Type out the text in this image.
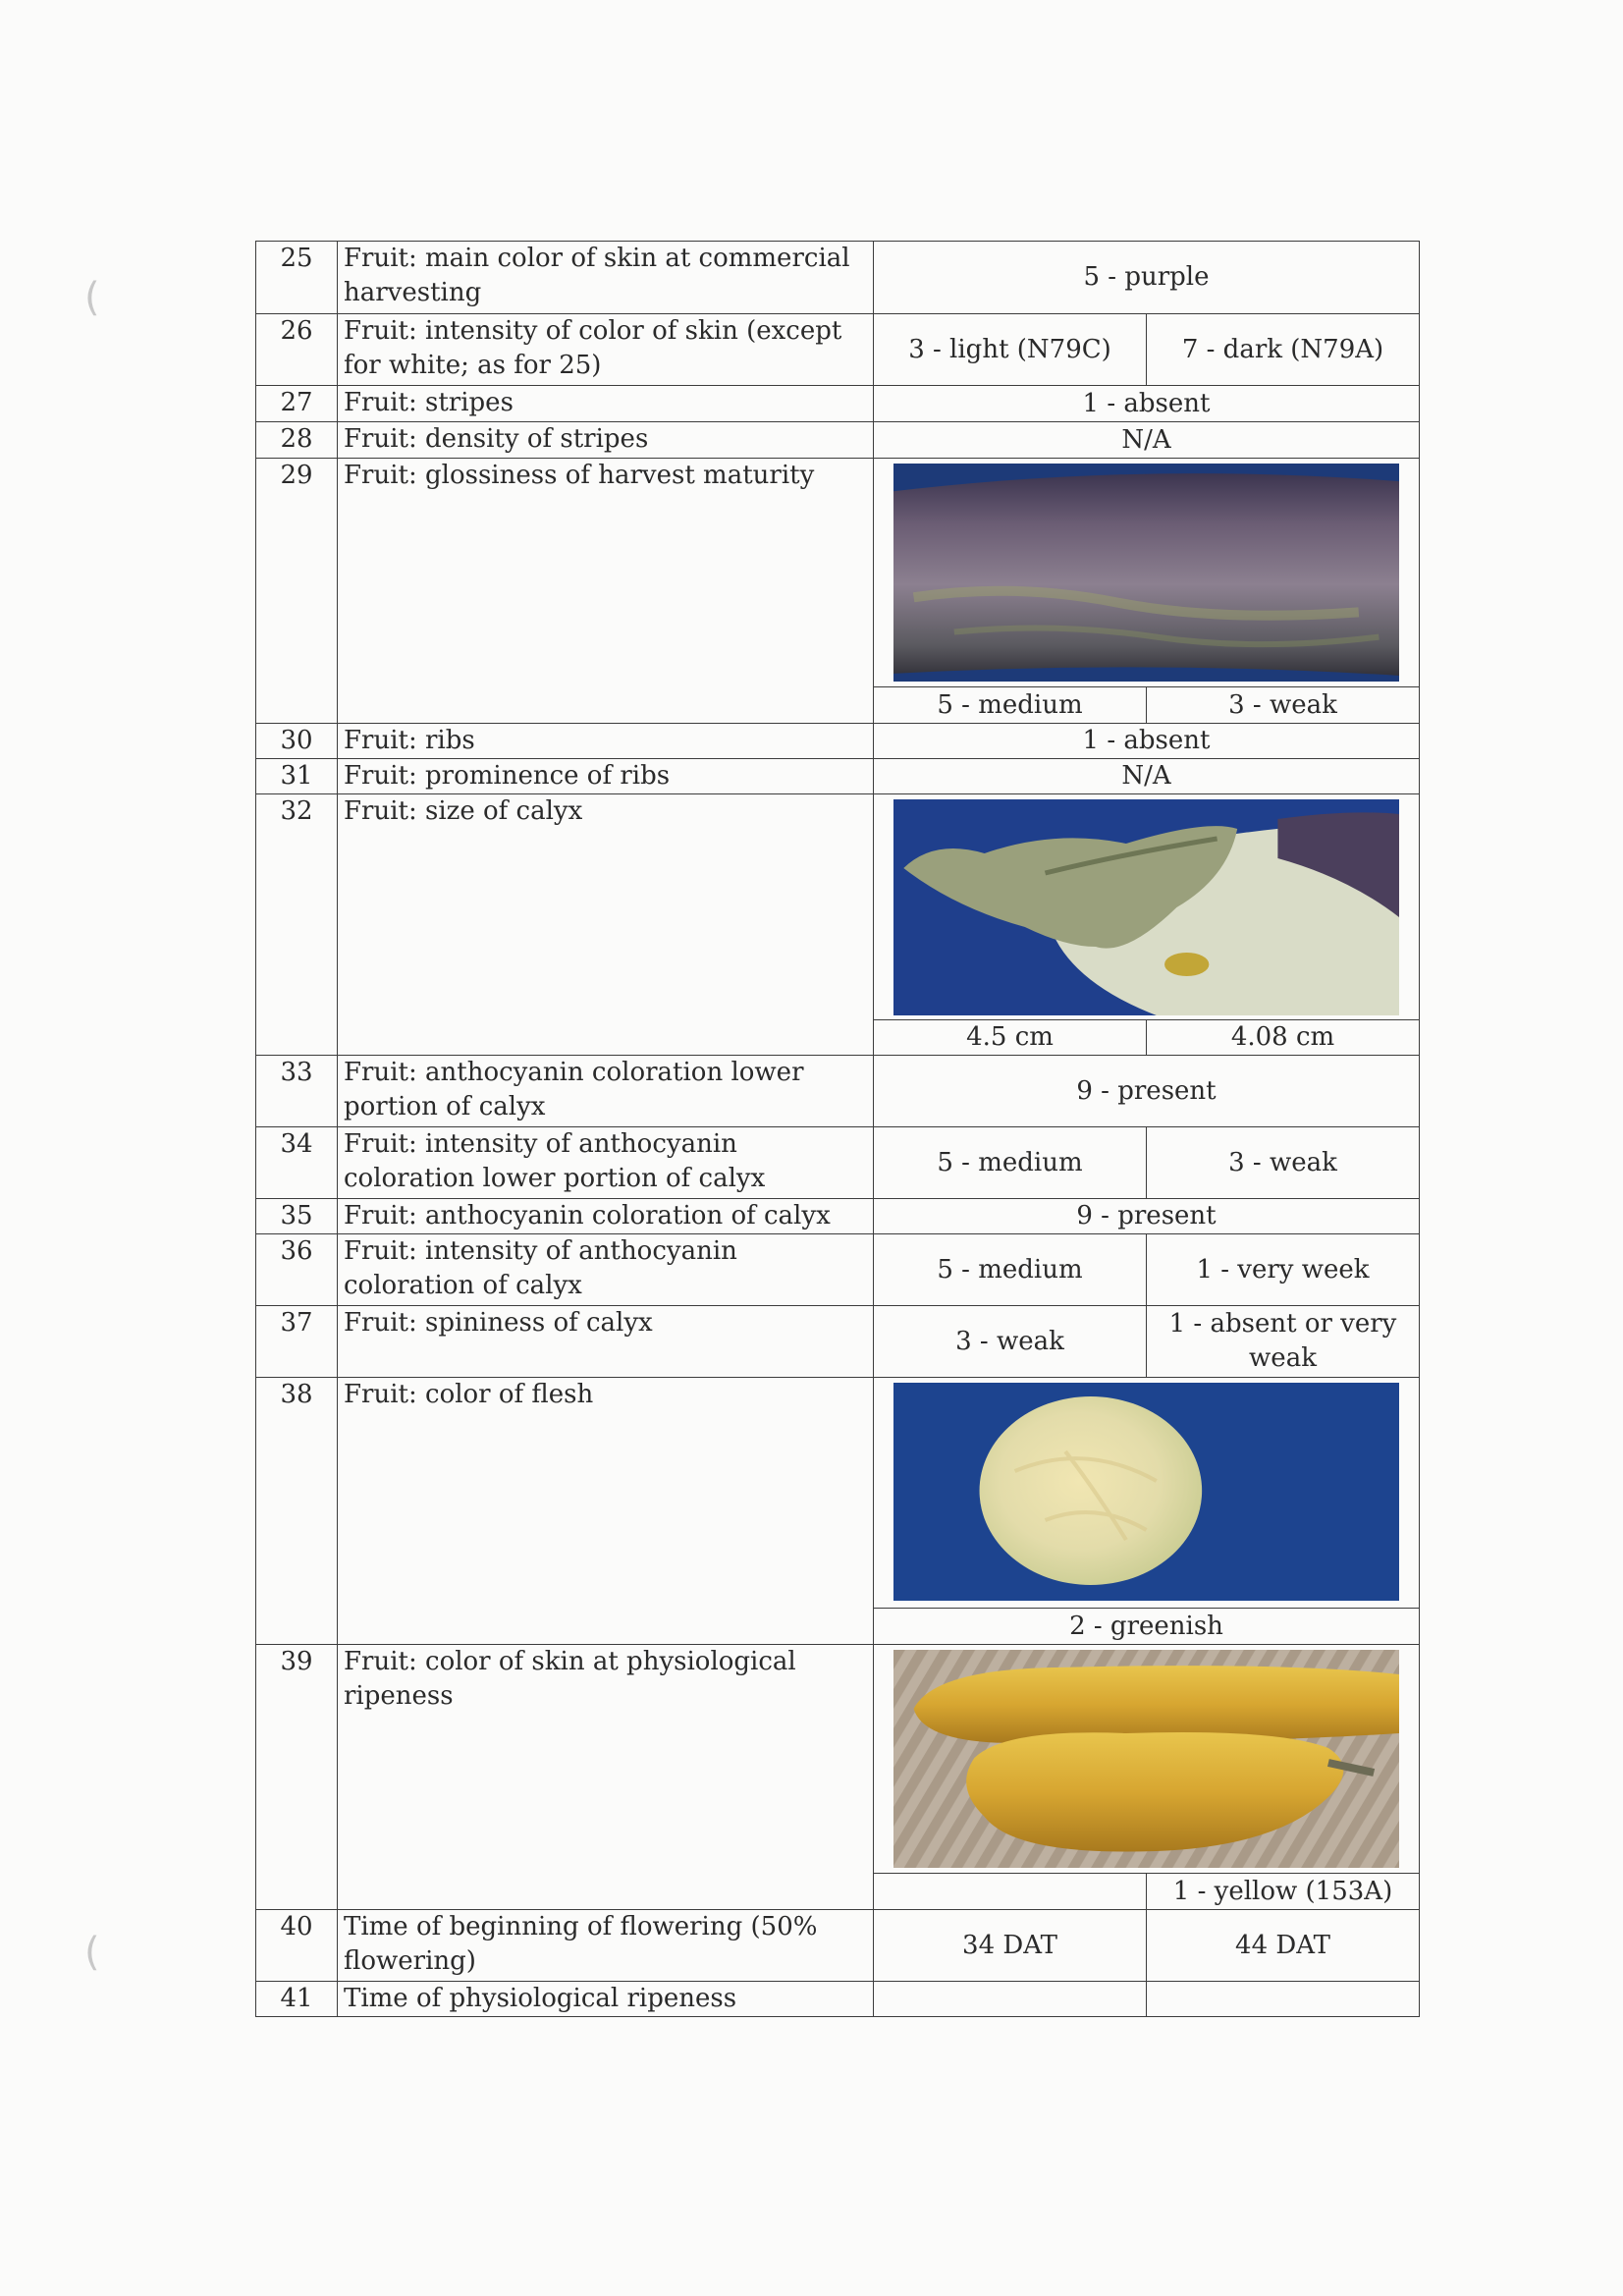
(
(
25	Fruit: main color of skin at commercial harvesting	5 - purple	
26	Fruit: intensity of color of skin (except for white; as for 25)	3 - light (N79C)	7 - dark (N79A)
27	Fruit: stripes	1 - absent	
28	Fruit: density of stripes	N/A	
29	Fruit: glossiness of harvest maturity	

		5 - medium	3 - weak
30	Fruit: ribs	1 - absent	
31	Fruit: prominence of ribs	N/A	
32	Fruit: size of calyx	

		4.5 cm	4.08 cm
33	Fruit: anthocyanin coloration lower portion of calyx	9 - present	
34	Fruit: intensity of anthocyanin coloration lower portion of calyx	5 - medium	3 - weak
35	Fruit: anthocyanin coloration of calyx	9 - present	
36	Fruit: intensity of anthocyanin coloration of calyx	5 - medium	1 - very week
37	Fruit: spininess of calyx	3 - weak	1 - absent or very weak
38	Fruit: color of flesh	

		2 - greenish	
39	Fruit: color of skin at physiological ripeness	

			1 - yellow (153A)
40	Time of beginning of flowering (50% flowering)	34 DAT	44 DAT
41	Time of physiological ripeness		
